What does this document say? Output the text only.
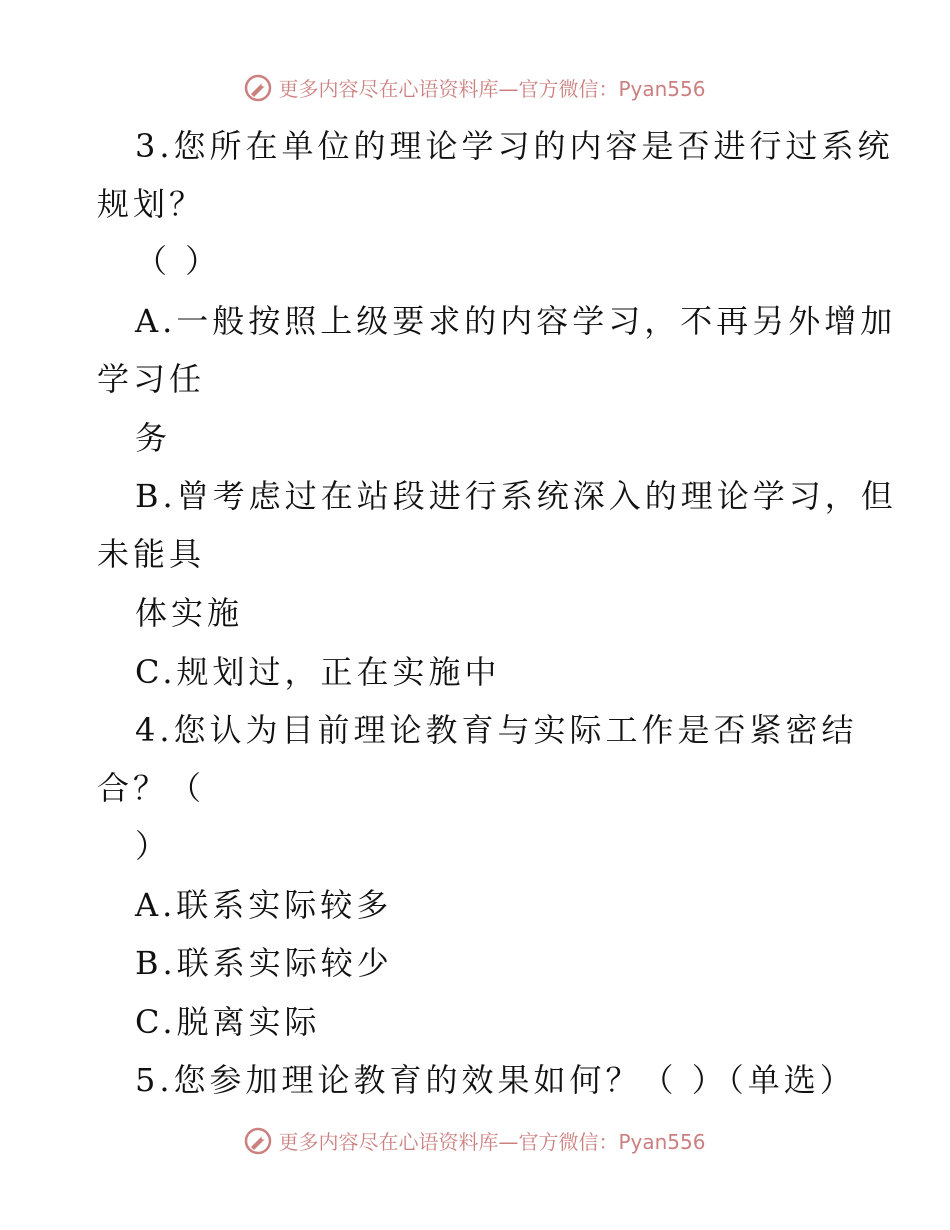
更多内容尽在心语资料库—官方微信：Pyan556
3.您所在单位的理论学习的内容是否进行过系统
规划？
（ ）
A.一般按照上级要求的内容学习，不再另外增加
学习任
务
B.曾考虑过在站段进行系统深入的理论学习，但
未能具
体实施
C.规划过，正在实施中
4.您认为目前理论教育与实际工作是否紧密结
合？（
）
A.联系实际较多
B.联系实际较少
C.脱离实际
5.您参加理论教育的效果如何？（ ）（单选）
更多内容尽在心语资料库—官方微信：Pyan556
